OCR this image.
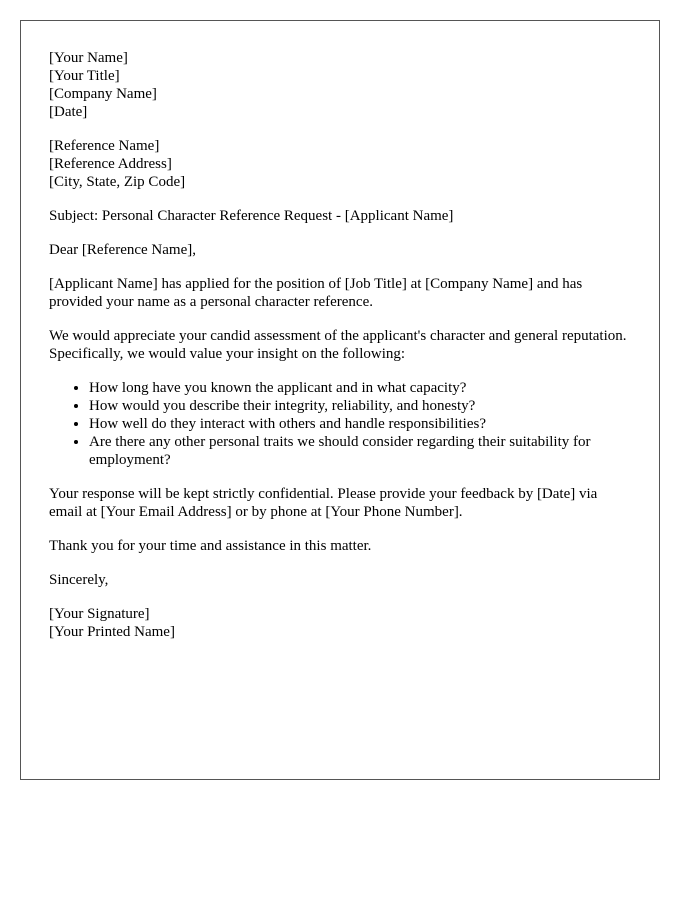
[Your Name]
[Your Title]
[Company Name]
[Date]
[Reference Name]
[Reference Address]
[City, State, Zip Code]

Subject: Personal Character Reference Request - [Applicant Name]

Dear [Reference Name],

[Applicant Name] has applied for the position of [Job Title] at [Company Name] and has provided your name as a personal character reference.

We would appreciate your candid assessment of the applicant's character and general reputation. Specifically, we would value your insight on the following:

• How long have you known the applicant and in what capacity?
• How would you describe their integrity, reliability, and honesty?
• How well do they interact with others and handle responsibilities?
• Are there any other personal traits we should consider regarding their suitability for employment?

Your response will be kept strictly confidential. Please provide your feedback by [Date] via email at [Your Email Address] or by phone at [Your Phone Number].

Thank you for your time and assistance in this matter.

Sincerely,

[Your Signature]
[Your Printed Name]
